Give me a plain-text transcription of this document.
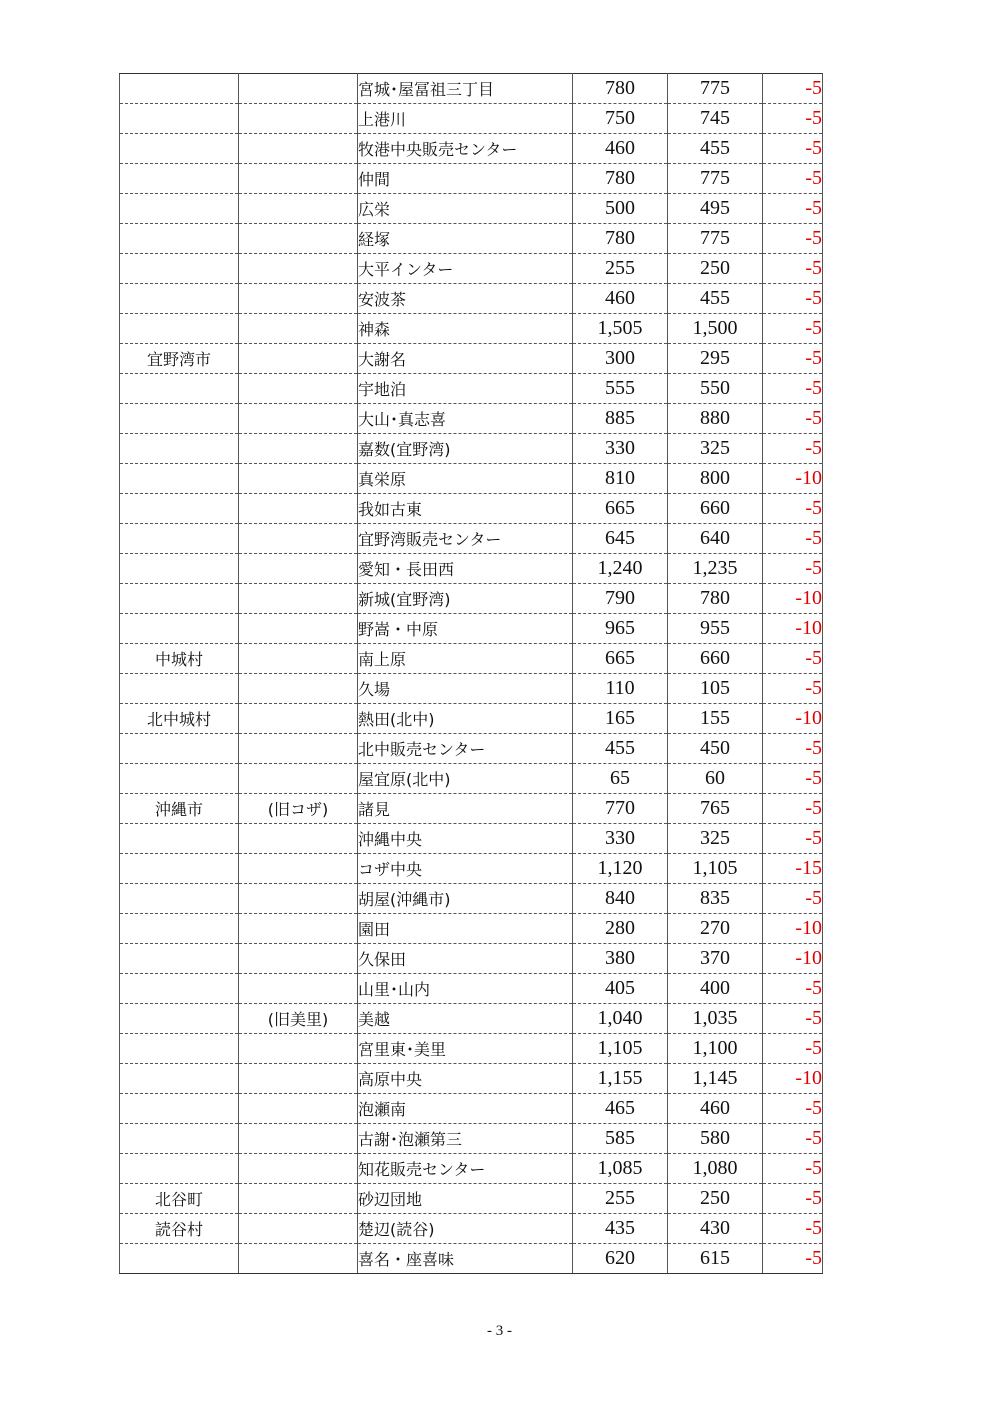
		宮城･屋冨祖三丁目	780	775	-5
		上港川	750	745	-5
		牧港中央販売センター	460	455	-5
		仲間	780	775	-5
		広栄	500	495	-5
		経塚	780	775	-5
		大平インター	255	250	-5
		安波茶	460	455	-5
		神森	1,505	1,500	-5
宜野湾市		大謝名	300	295	-5
		宇地泊	555	550	-5
		大山･真志喜	885	880	-5
		嘉数(宜野湾)	330	325	-5
		真栄原	810	800	-10
		我如古東	665	660	-5
		宜野湾販売センター	645	640	-5
		愛知・長田西	1,240	1,235	-5
		新城(宜野湾)	790	780	-10
		野嵩・中原	965	955	-10
中城村		南上原	665	660	-5
		久場	110	105	-5
北中城村		熱田(北中)	165	155	-10
		北中販売センター	455	450	-5
		屋宜原(北中)	65	60	-5
沖縄市	(旧コザ)	諸見	770	765	-5
		沖縄中央	330	325	-5
		コザ中央	1,120	1,105	-15
		胡屋(沖縄市)	840	835	-5
		園田	280	270	-10
		久保田	380	370	-10
		山里･山内	405	400	-5
	(旧美里)	美越	1,040	1,035	-5
		宮里東･美里	1,105	1,100	-5
		高原中央	1,155	1,145	-10
		泡瀬南	465	460	-5
		古謝･泡瀬第三	585	580	-5
		知花販売センター	1,085	1,080	-5
北谷町		砂辺団地	255	250	-5
読谷村		楚辺(読谷)	435	430	-5
		喜名・座喜味	620	615	-5
- 3 -
